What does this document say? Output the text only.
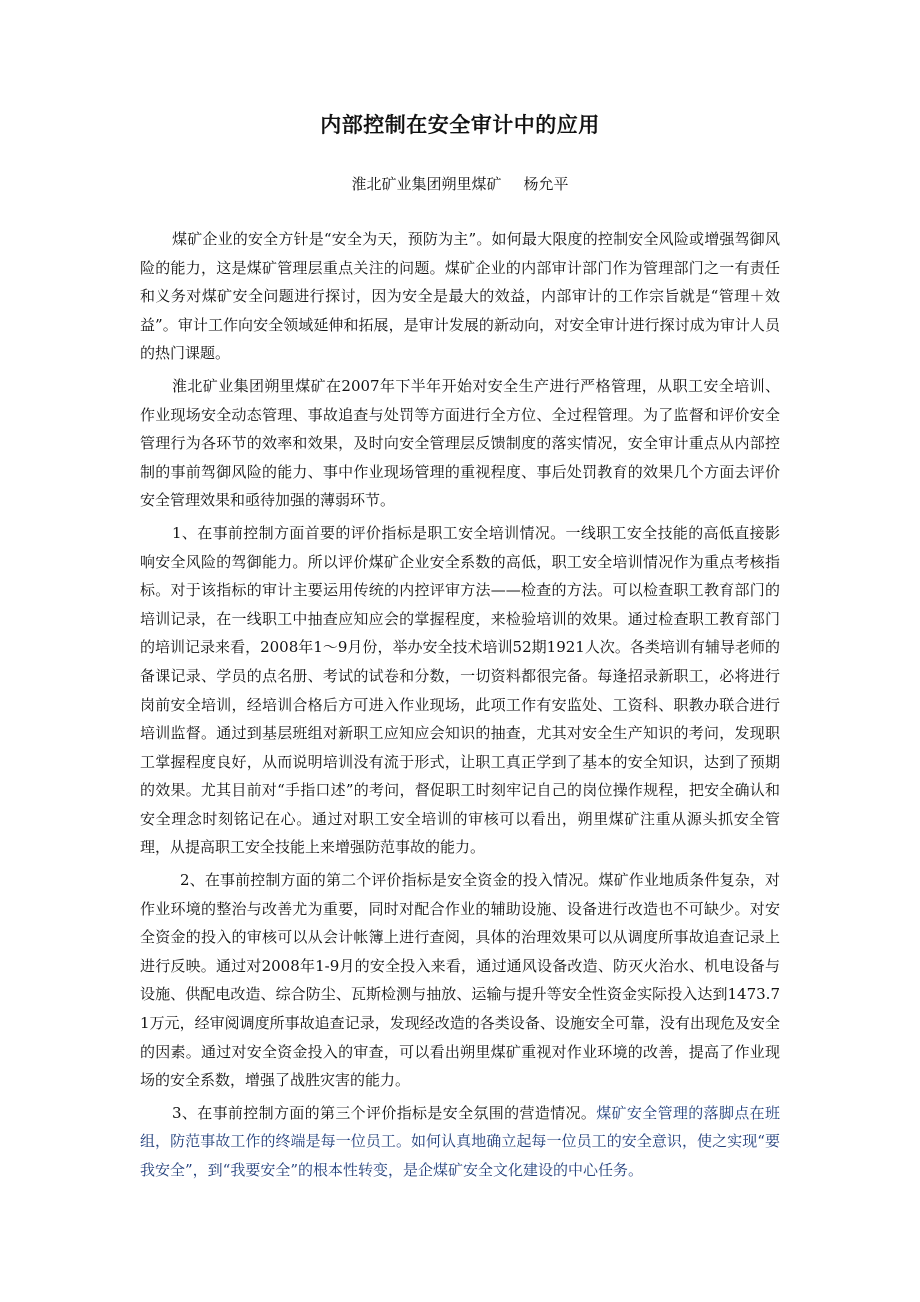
内部控制在安全审计中的应用

淮北矿业集团朔里煤矿 杨允平

煤矿企业的安全方针是“安全为天，预防为主”。如何最大限度的控制安全风险或增强驾御风险的能力，这是煤矿管理层重点关注的问题。煤矿企业的内部审计部门作为管理部门之一有责任和义务对煤矿安全问题进行探讨，因为安全是最大的效益，内部审计的工作宗旨就是“管理＋效益”。审计工作向安全领域延伸和拓展，是审计发展的新动向，对安全审计进行探讨成为审计人员的热门课题。

淮北矿业集团朔里煤矿在2007年下半年开始对安全生产进行严格管理，从职工安全培训、作业现场安全动态管理、事故追查与处罚等方面进行全方位、全过程管理。为了监督和评价安全管理行为各环节的效率和效果，及时向安全管理层反馈制度的落实情况，安全审计重点从内部控制的事前驾御风险的能力、事中作业现场管理的重视程度、事后处罚教育的效果几个方面去评价安全管理效果和亟待加强的薄弱环节。

1、在事前控制方面首要的评价指标是职工安全培训情况。一线职工安全技能的高低直接影响安全风险的驾御能力。所以评价煤矿企业安全系数的高低，职工安全培训情况作为重点考核指标。对于该指标的审计主要运用传统的内控评审方法——检查的方法。可以检查职工教育部门的培训记录，在一线职工中抽查应知应会的掌握程度，来检验培训的效果。通过检查职工教育部门的培训记录来看，2008年1～9月份，举办安全技术培训52期1921人次。各类培训有辅导老师的备课记录、学员的点名册、考试的试卷和分数，一切资料都很完备。每逢招录新职工，必将进行岗前安全培训，经培训合格后方可进入作业现场，此项工作有安监处、工资科、职教办联合进行培训监督。通过到基层班组对新职工应知应会知识的抽查，尤其对安全生产知识的考问，发现职工掌握程度良好，从而说明培训没有流于形式，让职工真正学到了基本的安全知识，达到了预期的效果。尤其目前对“手指口述”的考问，督促职工时刻牢记自己的岗位操作规程，把安全确认和安全理念时刻铭记在心。通过对职工安全培训的审核可以看出，朔里煤矿注重从源头抓安全管理，从提高职工安全技能上来增强防范事故的能力。

2、在事前控制方面的第二个评价指标是安全资金的投入情况。煤矿作业地质条件复杂，对作业环境的整治与改善尤为重要，同时对配合作业的辅助设施、设备进行改造也不可缺少。对安全资金的投入的审核可以从会计帐簿上进行查阅，具体的治理效果可以从调度所事故追查记录上进行反映。通过对2008年1-9月的安全投入来看，通过通风设备改造、防灭火治水、机电设备与设施、供配电改造、综合防尘、瓦斯检测与抽放、运输与提升等安全性资金实际投入达到1473.71万元，经审阅调度所事故追查记录，发现经改造的各类设备、设施安全可靠，没有出现危及安全的因素。通过对安全资金投入的审查，可以看出朔里煤矿重视对作业环境的改善，提高了作业现场的安全系数，增强了战胜灾害的能力。

3、在事前控制方面的第三个评价指标是安全氛围的营造情况。煤矿安全管理的落脚点在班组，防范事故工作的终端是每一位员工。如何认真地确立起每一位员工的安全意识，使之实现“要我安全”，到“我要安全”的根本性转变，是企煤矿安全文化建设的中心任务。
